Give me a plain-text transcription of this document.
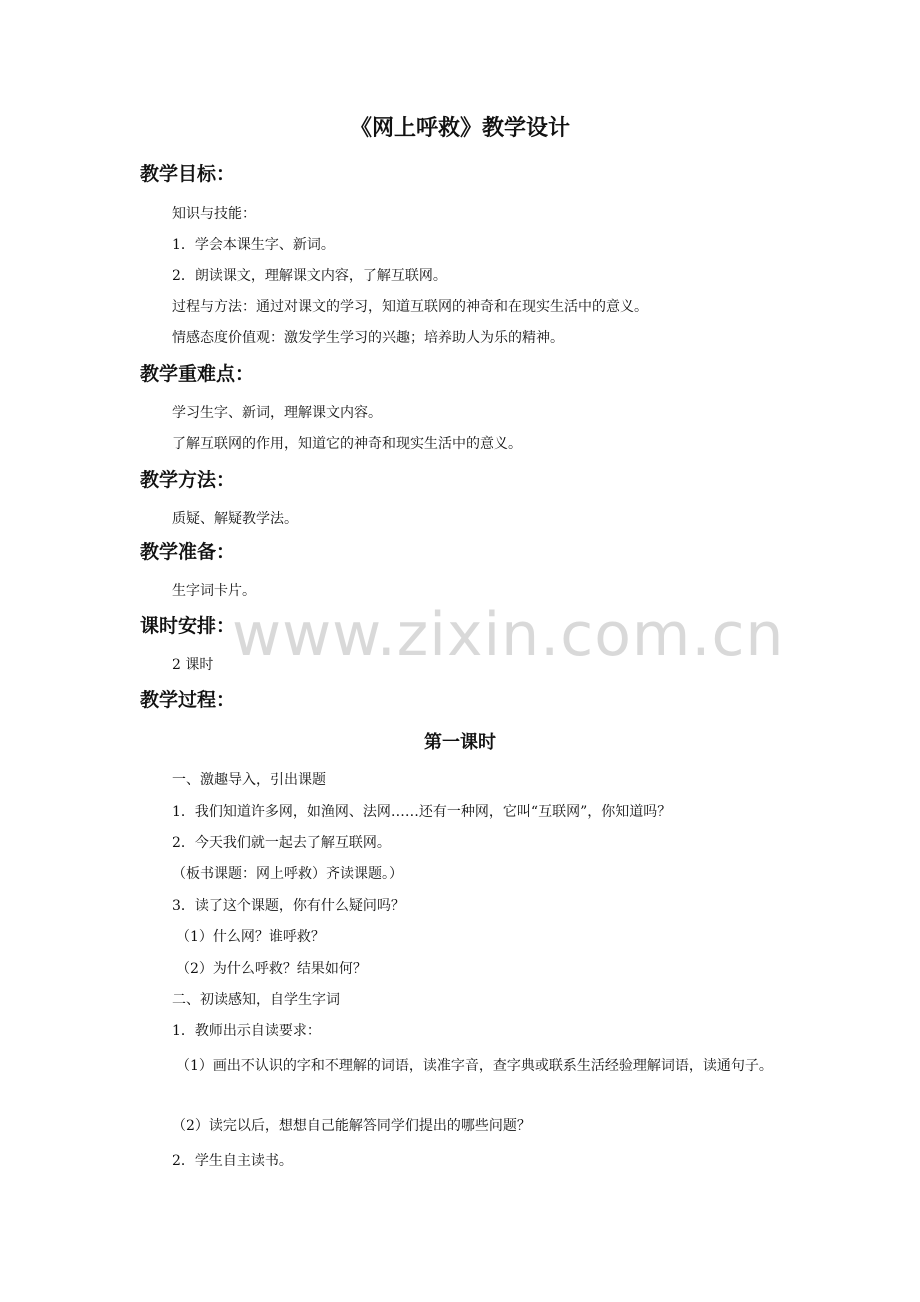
《网上呼救》教学设计
教学目标：
知识与技能：
1．学会本课生字、新词。
2．朗读课文，理解课文内容，了解互联网。
过程与方法：通过对课文的学习，知道互联网的神奇和在现实生活中的意义。
情感态度价值观：激发学生学习的兴趣；培养助人为乐的精神。
教学重难点：
学习生字、新词，理解课文内容。
了解互联网的作用，知道它的神奇和现实生活中的意义。
教学方法：
质疑、解疑教学法。
教学准备：
生字词卡片。
课时安排：
2 课时
教学过程：
第一课时
一、激趣导入，引出课题
1．我们知道许多网，如渔网、法网……还有一种网，它叫“互联网”，你知道吗？
2．今天我们就一起去了解互联网。
（板书课题：网上呼救）齐读课题。）
3．读了这个课题，你有什么疑问吗？
（1）什么网？谁呼救？
（2）为什么呼救？结果如何？
二、初读感知，自学生字词
1．教师出示自读要求：
（1）画出不认识的字和不理解的词语，读准字音，查字典或联系生活经验理解词语，读通句子。
（2）读完以后，想想自己能解答同学们提出的哪些问题？
2．学生自主读书。
www.zixin.com.cn
